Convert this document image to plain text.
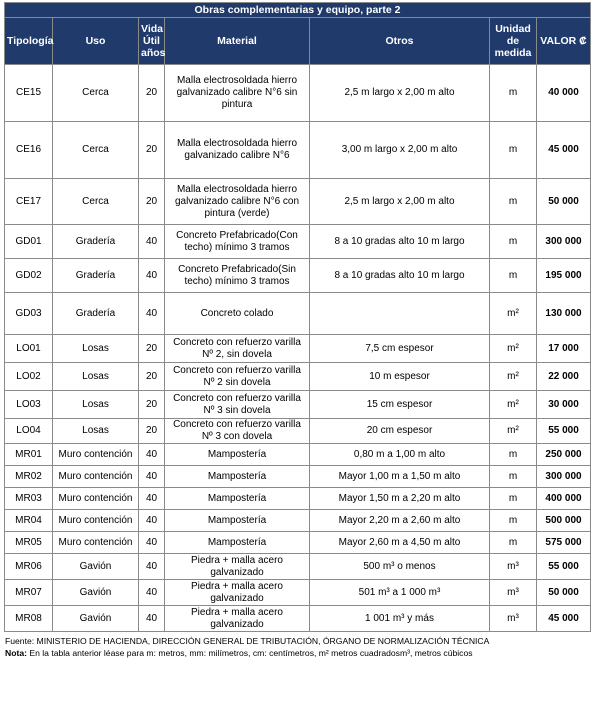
Obras complementarias y equipo, parte 2						
Tipología	Uso	Vida
Útil
años	Material	Otros	Unidad
de
medida	VALOR ₡
CE15	Cerca	20	Malla electrosoldada hierro galvanizado calibre N°6 sin pintura	2,5 m largo x 2,00 m alto	m	40 000
CE16	Cerca	20	Malla electrosoldada hierro galvanizado calibre N°6	3,00 m largo x 2,00 m alto	m	45 000
CE17	Cerca	20	Malla electrosoldada hierro galvanizado calibre N°6 con pintura (verde)	2,5 m largo x 2,00 m alto	m	50 000
GD01	Gradería	40	Concreto Prefabricado(Con techo) mínimo 3 tramos	8 a 10 gradas alto 10 m largo	m	300 000
GD02	Gradería	40	Concreto Prefabricado(Sin techo) mínimo 3 tramos	8 a 10 gradas alto 10 m largo	m	195 000
GD03	Gradería	40	Concreto colado		m²	130 000
LO01	Losas	20	Concreto con refuerzo varilla Nº 2, sin dovela	7,5 cm espesor	m²	17 000
LO02	Losas	20	Concreto con refuerzo varilla Nº 2 sin dovela	10 m espesor	m²	22 000
LO03	Losas	20	Concreto con refuerzo varilla Nº 3 sin dovela	15 cm espesor	m²	30 000
LO04	Losas	20	Concreto con refuerzo varilla Nº 3 con dovela	20 cm espesor	m²	55 000
MR01	Muro contención	40	Mampostería	0,80 m a 1,00 m alto	m	250 000
MR02	Muro contención	40	Mampostería	Mayor 1,00 m a 1,50 m alto	m	300 000
MR03	Muro contención	40	Mampostería	Mayor 1,50 m a 2,20 m alto	m	400 000
MR04	Muro contención	40	Mampostería	Mayor 2,20 m a 2,60 m alto	m	500 000
MR05	Muro contención	40	Mampostería	Mayor 2,60 m a 4,50 m alto	m	575 000
MR06	Gavión	40	Piedra + malla acero galvanizado	500 m³ o menos	m³	55 000
MR07	Gavión	40	Piedra + malla acero galvanizado	501 m³ a 1 000 m³	m³	50 000
MR08	Gavión	40	Piedra + malla acero galvanizado	1 001 m³ y más	m³	45 000
Fuente: MINISTERIO DE HACIENDA, DIRECCIÓN GENERAL DE TRIBUTACIÓN, ÓRGANO DE NORMALIZACIÓN TÉCNICA
Nota: En la tabla anterior léase para m: metros, mm: milímetros, cm: centímetros, m² metros cuadradosm³, metros cúbicos
